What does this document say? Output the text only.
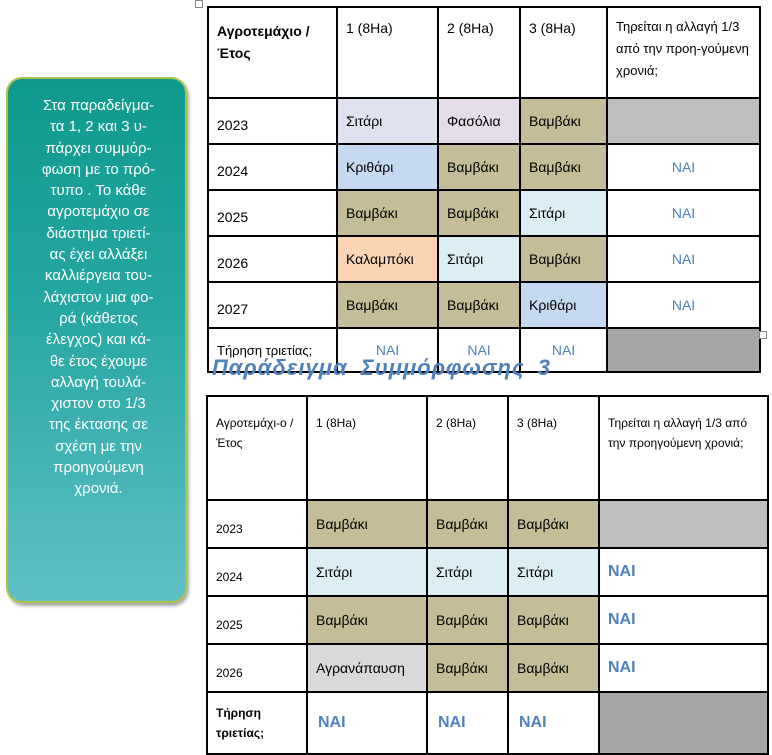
Στα παραδείγμα-
τα 1, 2 και 3 υ-
πάρχει συμμόρ-
φωση με το πρό-
τυπο . Το κάθε
αγροτεμάχιο σε
διάστημα τριετί-
ας έχει αλλάξει
καλλιέργεια του-
λάχιστον μια φο-
ρά (κάθετος
έλεγχος) και κά-
θε έτος έχουμε
αλλαγή τουλά-
χιστον στο 1/3
της έκτασης σε
σχέση με την
προηγούμενη
χρονιά.
Αγροτεμάχιο / Έτος	1 (8Ha)	2 (8Ha)	3 (8Ha)	Τηρείται η αλλαγή 1/3 από την προη-γούμενη χρονιά;
2023	Σιτάρι	Φασόλια	Βαμβάκι	
2024	Κριθάρι	Βαμβάκι	Βαμβάκι	ΝΑΙ
2025	Βαμβάκι	Βαμβάκι	Σιτάρι	ΝΑΙ
2026	Καλαμπόκι	Σιτάρι	Βαμβάκι	ΝΑΙ
2027	Βαμβάκι	Βαμβάκι	Κριθάρι	ΝΑΙ
Τήρηση τριετίας;	ΝΑΙ	ΝΑΙ	ΝΑΙ	
Παράδειγμα Συμμόρφωσης 3
Αγροτεμάχι-ο / Έτος	1 (8Ha)	2 (8Ha)	3 (8Ha)	Τηρείται η αλλαγή 1/3 από την προηγούμενη χρονιά;
2023	Βαμβάκι	Βαμβάκι	Βαμβάκι	
2024	Σιτάρι	Σιτάρι	Σιτάρι	ΝΑΙ
2025	Βαμβάκι	Βαμβάκι	Βαμβάκι	ΝΑΙ
2026	Αγρανάπαυση	Βαμβάκι	Βαμβάκι	ΝΑΙ
Τήρηση τριετίας;	ΝΑΙ	ΝΑΙ	ΝΑΙ	
